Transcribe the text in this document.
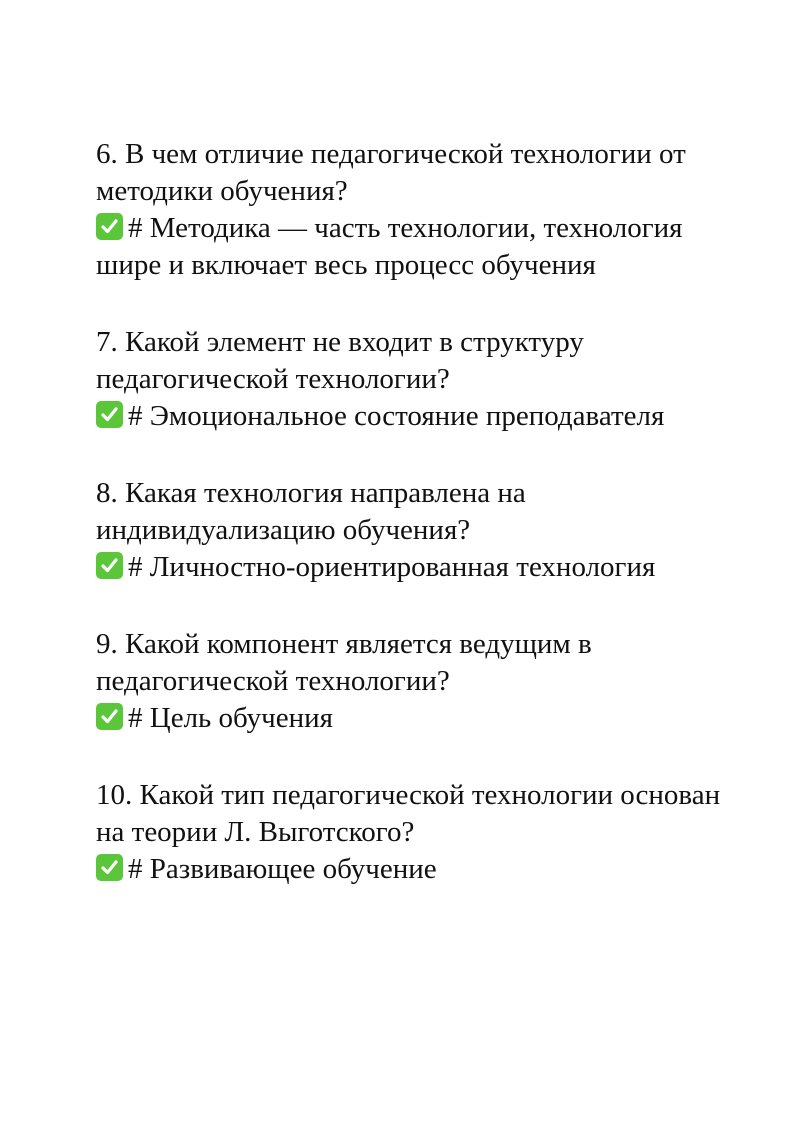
6. В чем отличие педагогической технологии от методики обучения?

# Методика — часть технологии, технология шире и включает весь процесс обучения

7. Какой элемент не входит в структуру педагогической технологии?

# Эмоциональное состояние преподавателя

8. Какая технология направлена на индивидуализацию обучения?

# Личностно-ориентированная технология

9. Какой компонент является ведущим в педагогической технологии?

# Цель обучения

10. Какой тип педагогической технологии основан на теории Л. Выготского?

# Развивающее обучение
